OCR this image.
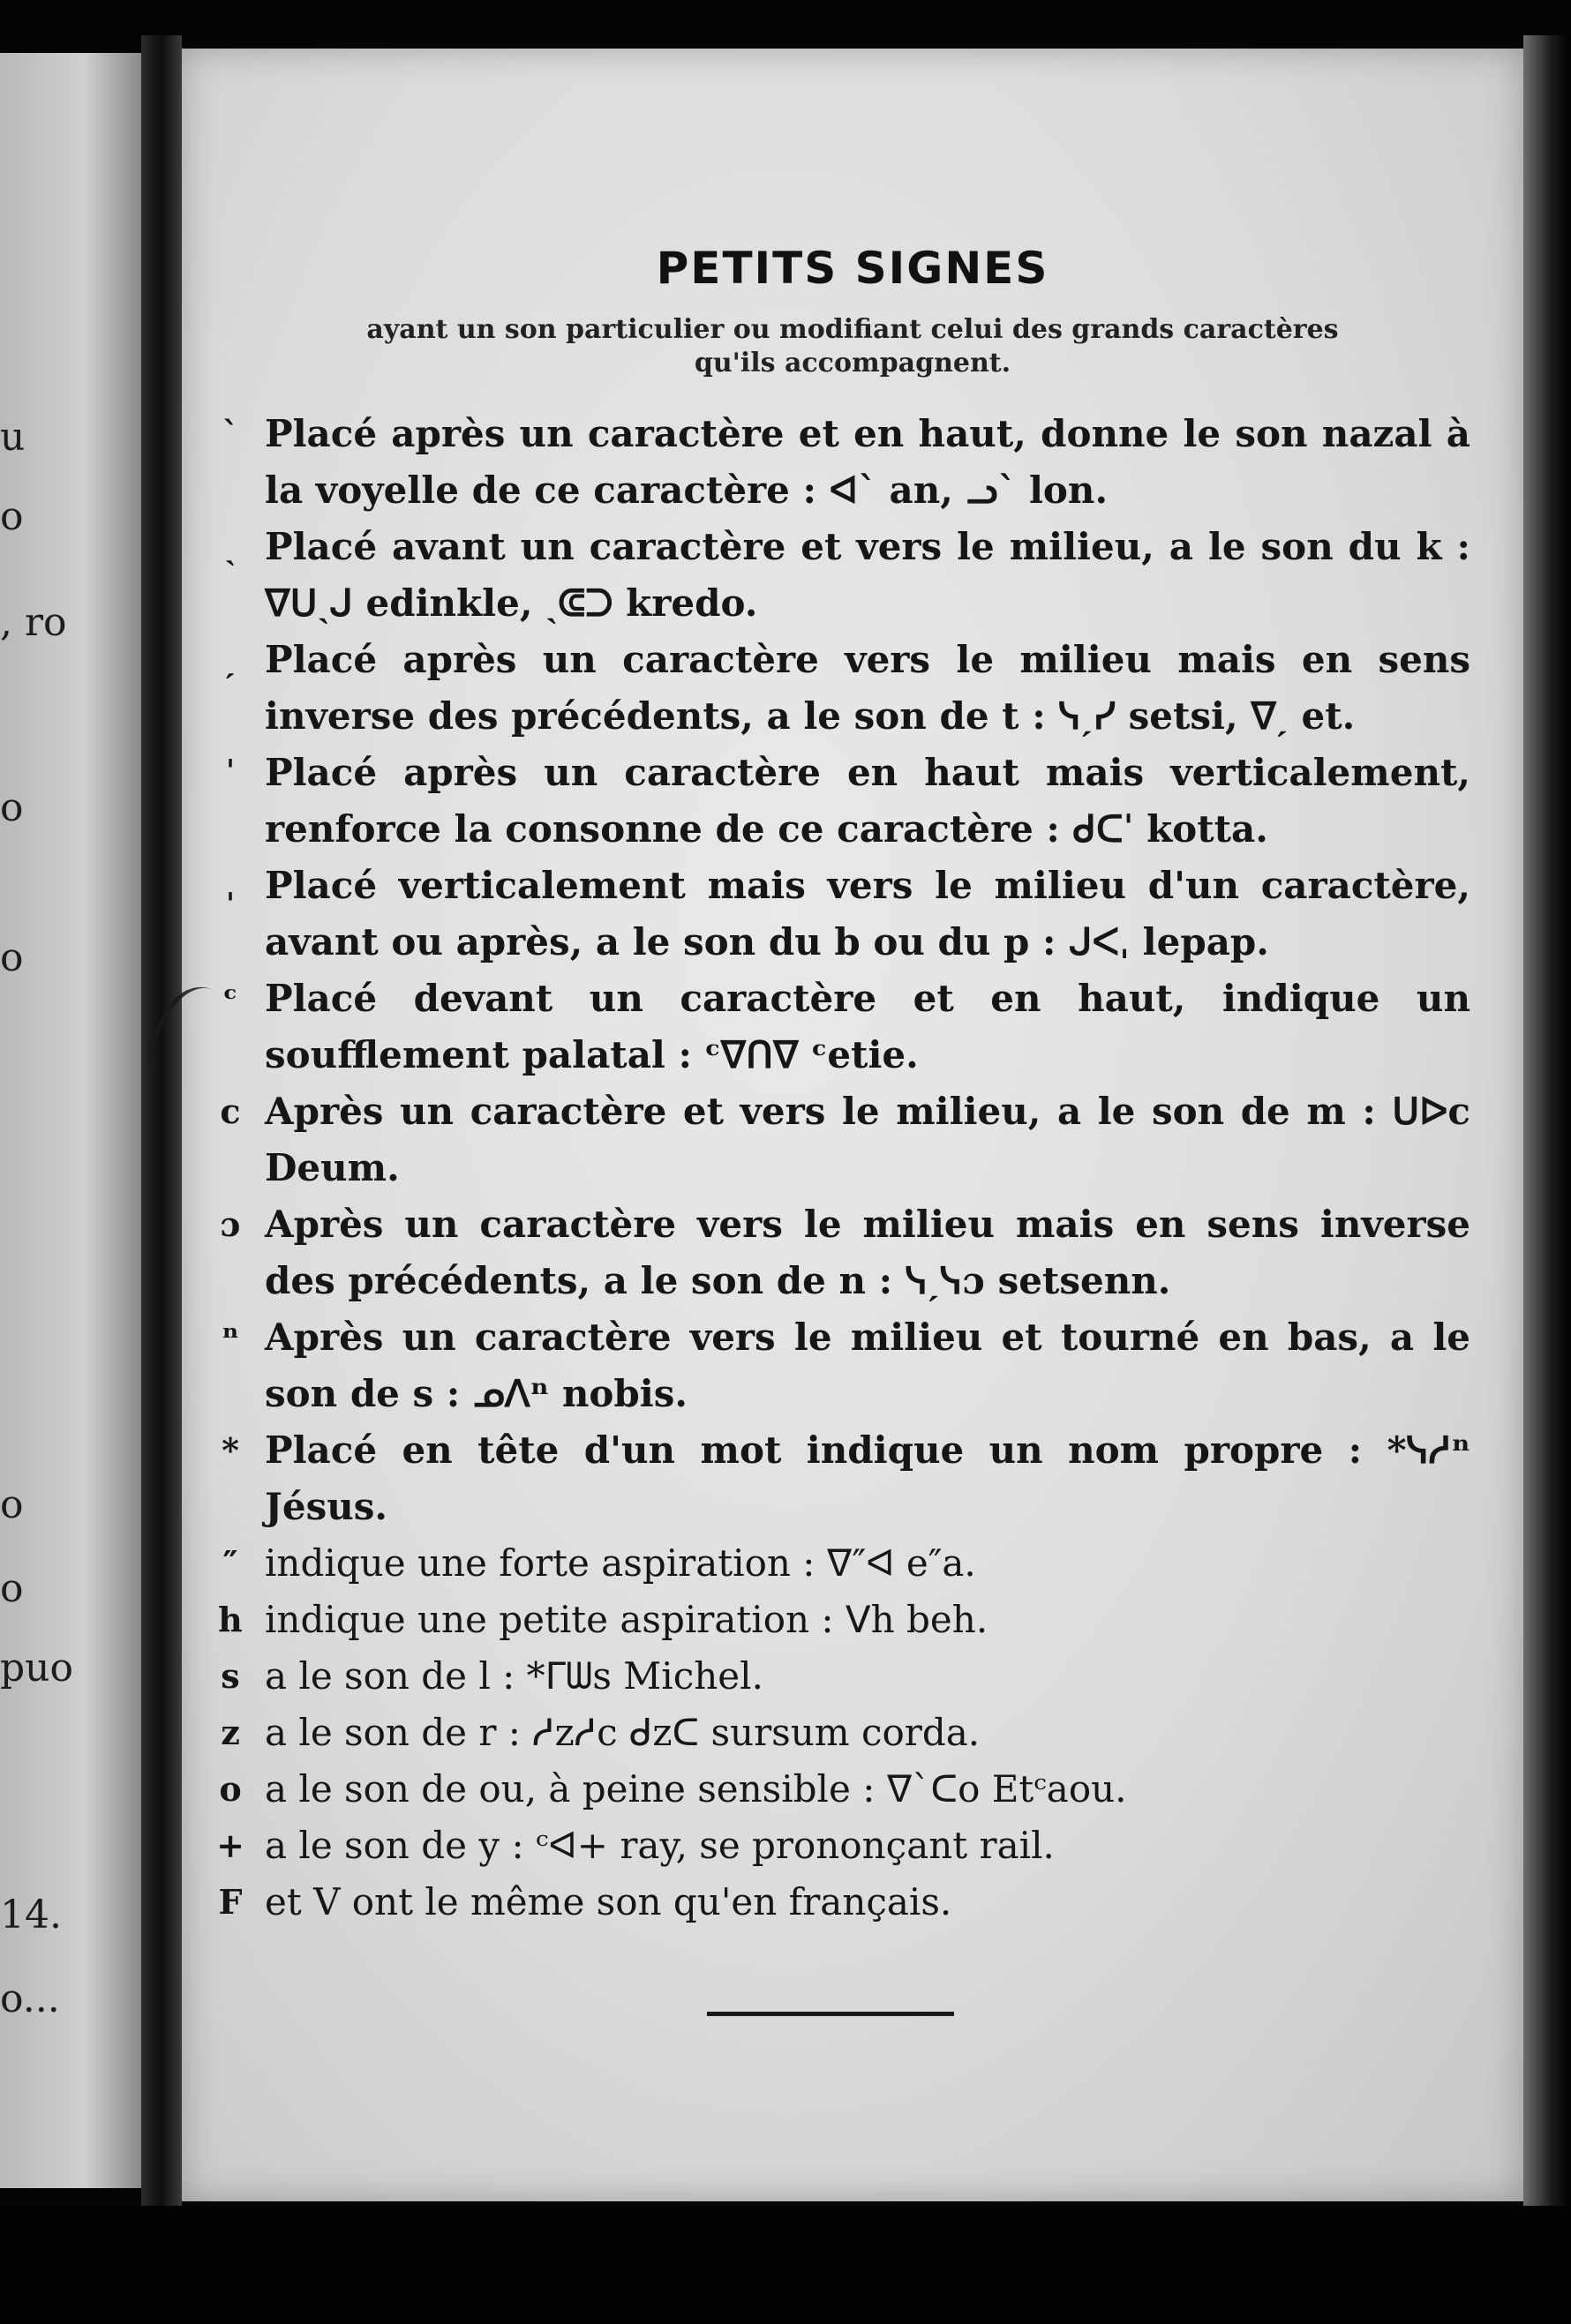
u
o
, ro
o
o
o
o
puo
14.
o...
PETITS SIGNES
ayant un son particulier ou modifiant celui des grands caractères
qu'ils accompagnent.
ˋ Placé après un caractère et en haut, donne le son nazal à la voyelle de ce caractère : ᐊˋ an, ᓗˋ lon.
ˎ Placé avant un caractère et vers le milieu, a le son du k : ᐁᑌˎᒍ edinkle, ˎᕳᑐ kredo.
ˏ Placé après un caractère vers le milieu mais en sens inverse des précédents, a le son de t : ᓭˏᓯ setsi, ᐁˏ et.
ˈ Placé après un caractère en haut mais verticalement, renforce la consonne de ce caractère : ᑯᑕˈ kotta.
ˌ Placé verticalement mais vers le milieu d'un caractère, avant ou après, a le son du b ou du p : ᒍᐸˌ lepap.
ᶜ Placé devant un caractère et en haut, indique un soufflement palatal : ᶜᐁᑎᐁ ᶜetie.
c Après un caractère et vers le milieu, a le son de m : ᑌᐅc Deum.
ɔ Après un caractère vers le milieu mais en sens inverse des précédents, a le son de n : ᓭˏᓭɔ setsenn.
ⁿ Après un caractère vers le milieu et tourné en bas, a le son de s : ᓄᐱⁿ nobis.
* Placé en tête d'un mot indique un nom propre : *ᓭᓱⁿ Jésus.
″ indique une forte aspiration : ᐁ″ᐊ e″a.
h indique une petite aspiration : ᐯh beh.
s a le son de l : *ᒥᗯs Michel.
z a le son de r : ᓱzᓱc ᑯzᑕ sursum corda.
o a le son de ou, à peine sensible : ᐁˋᑕo Etᶜaou.
+ a le son de y : ᶜᐊ+ ray, se prononçant rail.
F et V ont le même son qu'en français.
